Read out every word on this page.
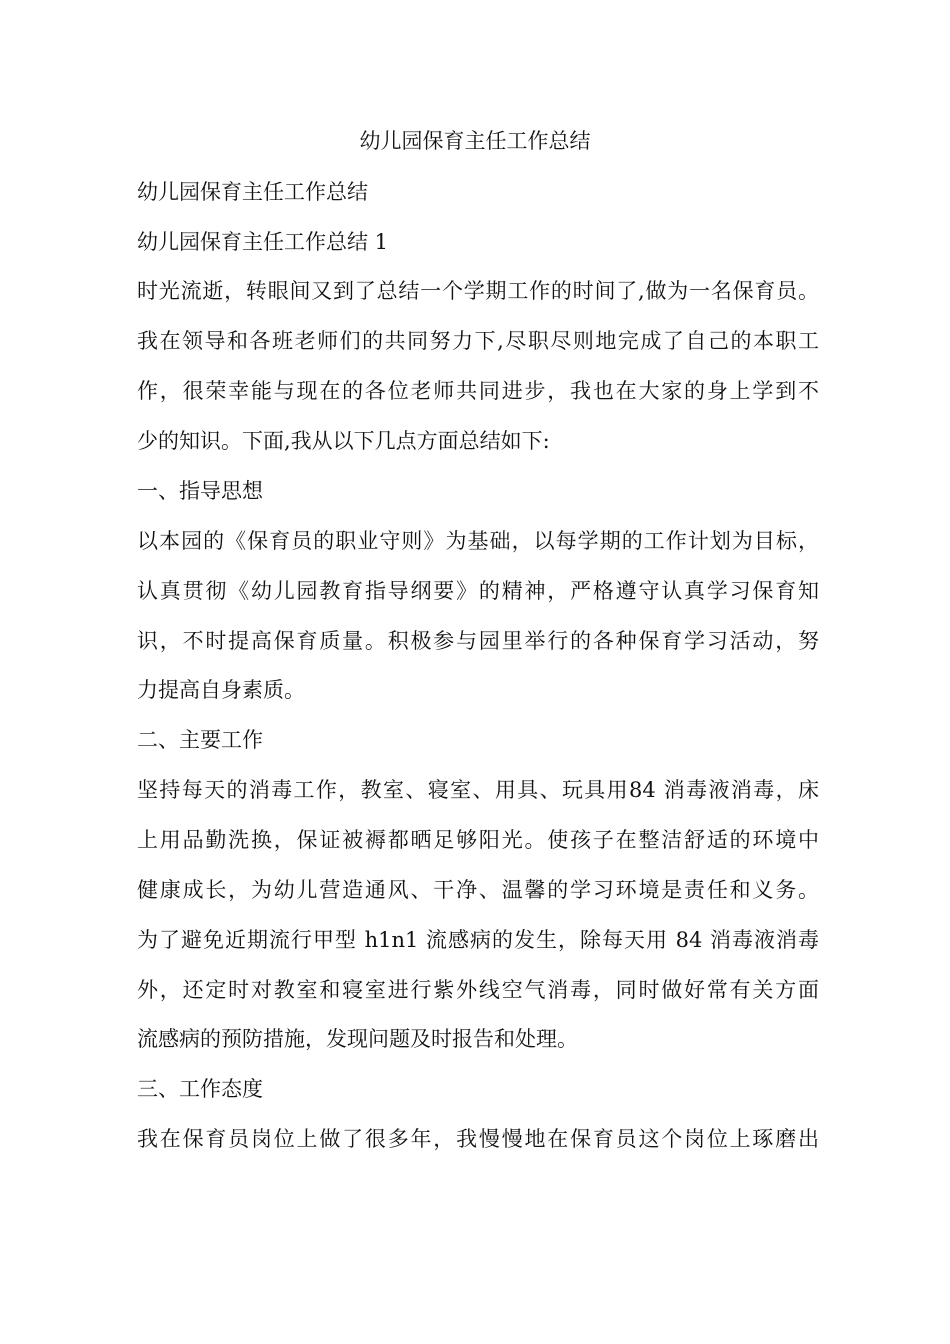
幼儿园保育主任工作总结
幼儿园保育主任工作总结
幼儿园保育主任工作总结 1
时光流逝，转眼间又到了总结一个学期工作的时间了,做为一名保育员。
我在领导和各班老师们的共同努力下,尽职尽则地完成了自己的本职工
作，很荣幸能与现在的各位老师共同进步，我也在大家的身上学到不
少的知识。下面,我从以下几点方面总结如下:
一、指导思想
以本园的《保育员的职业守则》为基础，以每学期的工作计划为目标，
认真贯彻《幼儿园教育指导纲要》的精神，严格遵守认真学习保育知
识，不时提高保育质量。积极参与园里举行的各种保育学习活动，努
力提高自身素质。
二、主要工作
坚持每天的消毒工作，教室、寝室、用具、玩具用84 消毒液消毒，床
上用品勤洗换，保证被褥都晒足够阳光。使孩子在整洁舒适的环境中
健康成长，为幼儿营造通风、干净、温馨的学习环境是责任和义务。
为了避免近期流行甲型 h1n1 流感病的发生，除每天用 84 消毒液消毒
外，还定时对教室和寝室进行紫外线空气消毒，同时做好常有关方面
流感病的预防措施，发现问题及时报告和处理。
三、工作态度
我在保育员岗位上做了很多年，我慢慢地在保育员这个岗位上琢磨出
